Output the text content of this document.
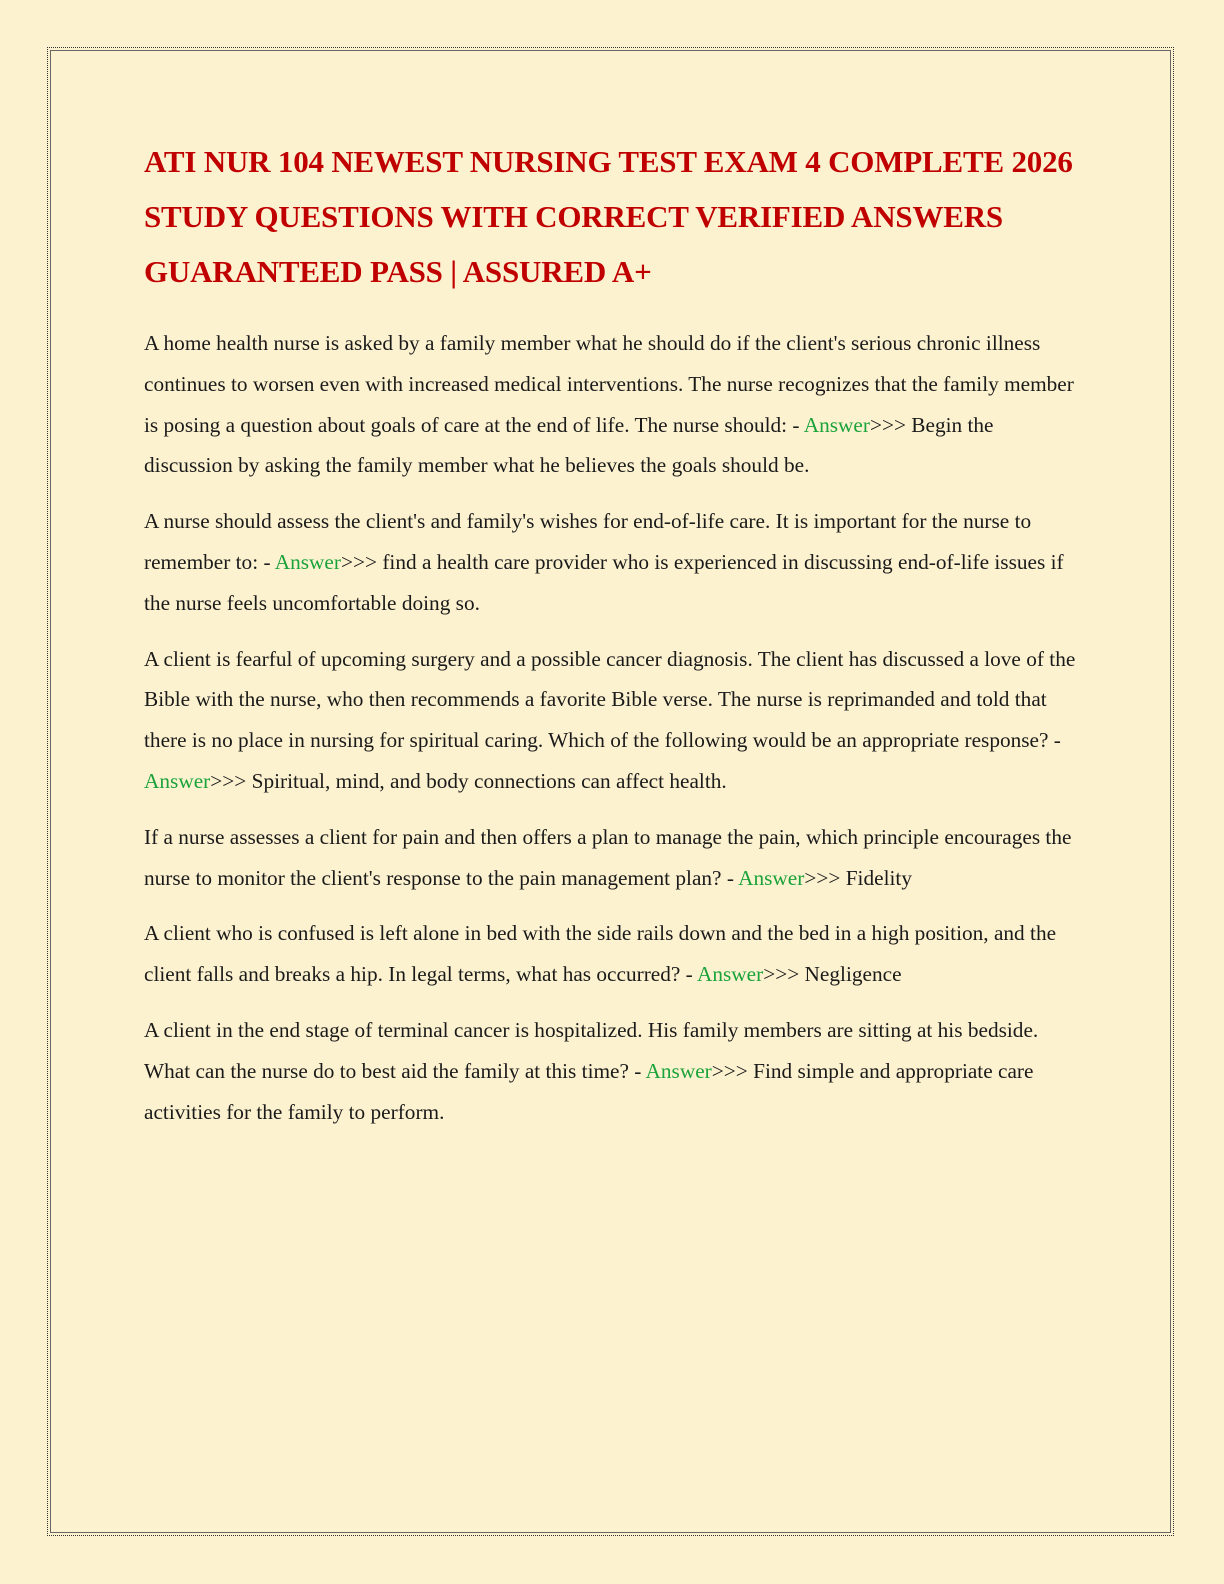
ATI NUR 104 NEWEST NURSING TEST EXAM 4 COMPLETE 2026 STUDY QUESTIONS WITH CORRECT VERIFIED ANSWERS GUARANTEED PASS | ASSURED A+

A home health nurse is asked by a family member what he should do if the client's serious chronic illness continues to worsen even with increased medical interventions. The nurse recognizes that the family member is posing a question about goals of care at the end of life. The nurse should: - Answer>>> Begin the discussion by asking the family member what he believes the goals should be.

A nurse should assess the client's and family's wishes for end-of-life care. It is important for the nurse to remember to: - Answer>>> find a health care provider who is experienced in discussing end-of-life issues if the nurse feels uncomfortable doing so.

A client is fearful of upcoming surgery and a possible cancer diagnosis. The client has discussed a love of the Bible with the nurse, who then recommends a favorite Bible verse. The nurse is reprimanded and told that there is no place in nursing for spiritual caring. Which of the following would be an appropriate response? - Answer>>> Spiritual, mind, and body connections can affect health.

If a nurse assesses a client for pain and then offers a plan to manage the pain, which principle encourages the nurse to monitor the client's response to the pain management plan? - Answer>>> Fidelity

A client who is confused is left alone in bed with the side rails down and the bed in a high position, and the client falls and breaks a hip. In legal terms, what has occurred? - Answer>>> Negligence

A client in the end stage of terminal cancer is hospitalized. His family members are sitting at his bedside. What can the nurse do to best aid the family at this time? - Answer>>> Find simple and appropriate care activities for the family to perform.
